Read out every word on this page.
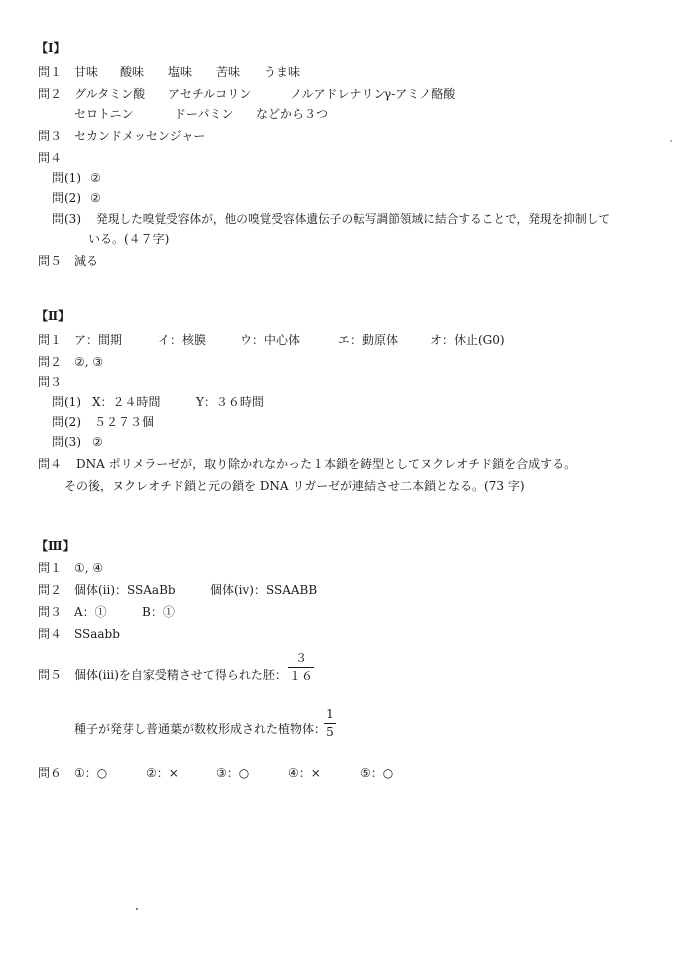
【Ⅰ】
問１ 甘味 酸味 塩味 苦味 うま味
問２ グルタミン酸 アセチルコリン	ノルアドレナリン
γ-アミノ酪酸
セロトニン	ドーパミン などから３つ
問３ セカンドメッセンジャー
問４
問(1) ②
問(2) ②
問(3) 発現した嗅覚受容体が，他の嗅覚受容体遺伝子の転写調節領域に結合することで，発現を抑制して
いる。(４７字)
問５ 減る
【Ⅱ】
問１ ア：間期	イ：核膜	ウ：中心体	エ：動原体	オ：休止(G0)
問２ ②, ③
問３
問(1) X：２４時間	Y：３６時間
問(2) ５２７３個
問(3) ②
問４ DNA ポリメラーゼが，取り除かれなかった１本鎖を鋳型としてヌクレオチド鎖を合成する。
その後，ヌクレオチド鎖と元の鎖を DNA リガーゼが連結させ二本鎖となる。(73 字)
【Ⅲ】
問１ ①, ④
問２ 個体(ⅱ)：SSAaBb	個体(ⅳ)：SSAABB
問３ A：①	B：①
問４ SSaabb
問５ 個体(ⅲ)を自家受精させて得られた胚：
３
１６
種子が発芽し普通葉が数枚形成された植物体：
1
5
問６ ①：○	②：×	③：○	④：×	⑤：○
